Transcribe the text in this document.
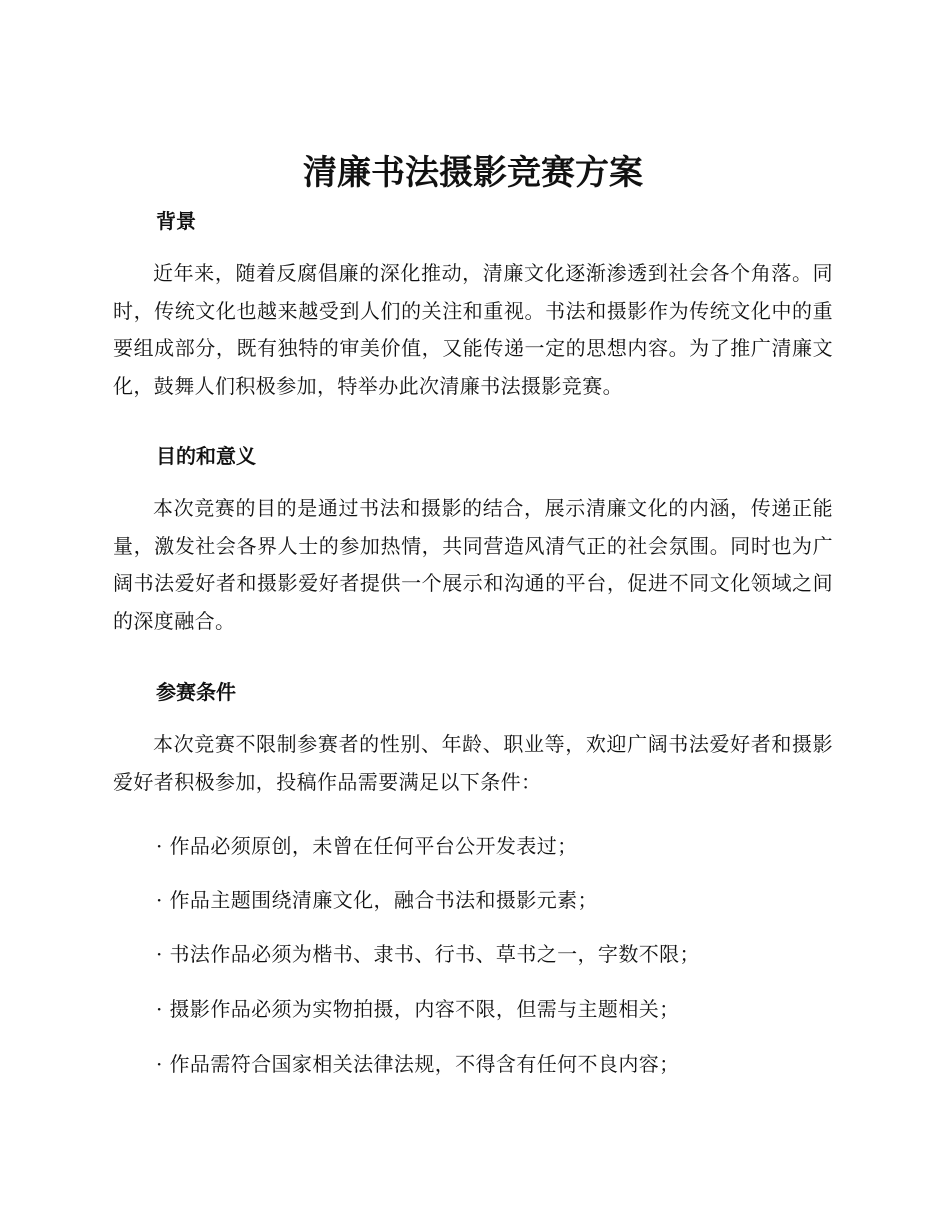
清廉书法摄影竞赛方案
背景

近年来，随着反腐倡廉的深化推动，清廉文化逐渐渗透到社会各个角落。同时，传统文化也越来越受到人们的关注和重视。书法和摄影作为传统文化中的重要组成部分，既有独特的审美价值，又能传递一定的思想内容。为了推广清廉文化，鼓舞人们积极参加，特举办此次清廉书法摄影竞赛。

目的和意义

本次竞赛的目的是通过书法和摄影的结合，展示清廉文化的内涵，传递正能量，激发社会各界人士的参加热情，共同营造风清气正的社会氛围。同时也为广阔书法爱好者和摄影爱好者提供一个展示和沟通的平台，促进不同文化领域之间的深度融合。

参赛条件

本次竞赛不限制参赛者的性别、年龄、职业等，欢迎广阔书法爱好者和摄影爱好者积极参加，投稿作品需要满足以下条件：

· 作品必须原创，未曾在任何平台公开发表过；

· 作品主题围绕清廉文化，融合书法和摄影元素；

· 书法作品必须为楷书、隶书、行书、草书之一，字数不限；

· 摄影作品必须为实物拍摄，内容不限，但需与主题相关；

· 作品需符合国家相关法律法规，不得含有任何不良内容；
